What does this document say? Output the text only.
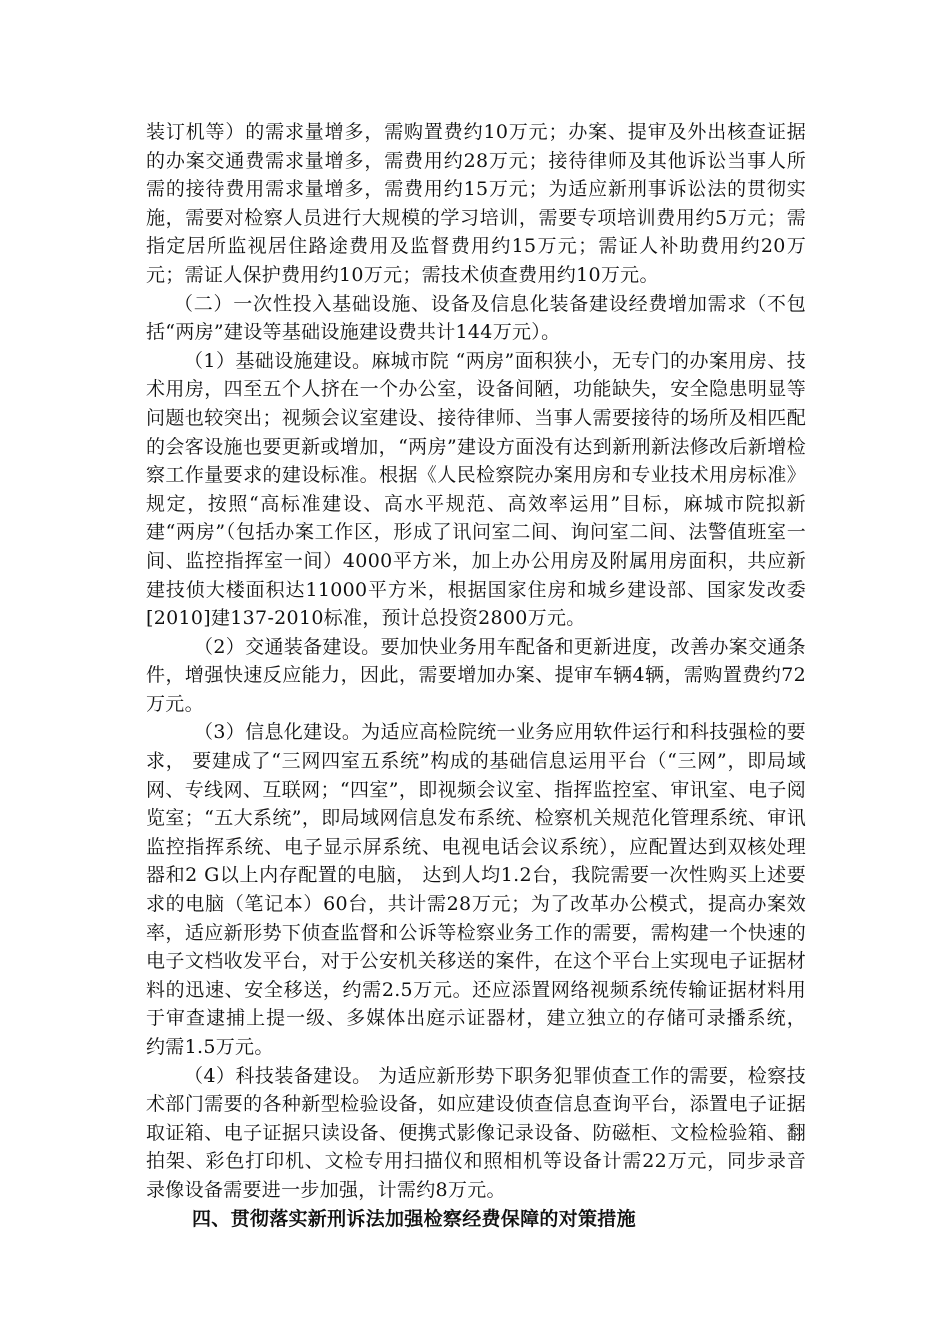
装订机等）的需求量增多，需购置费约10万元；办案、提审及外出核查证据的办案交通费需求量增多，需费用约28万元；接待律师及其他诉讼当事人所需的接待费用需求量增多，需费用约15万元；为适应新刑事诉讼法的贯彻实施，需要对检察人员进行大规模的学习培训，需要专项培训费用约5万元；需指定居所监视居住路途费用及监督费用约15万元；需证人补助费用约20万元；需证人保护费用约10万元；需技术侦查费用约10万元。

（二）一次性投入基础设施、设备及信息化装备建设经费增加需求（不包括“两房”建设等基础设施建设费共计144万元）。

（1）基础设施建设。麻城市院 “两房”面积狭小，无专门的办案用房、技术用房，四至五个人挤在一个办公室，设备间陋，功能缺失，安全隐患明显等问题也较突出；视频会议室建设、接待律师、当事人需要接待的场所及相匹配的会客设施也要更新或增加，“两房”建设方面没有达到新刑新法修改后新增检察工作量要求的建设标准。根据《人民检察院办案用房和专业技术用房标准》规定，按照“高标准建设、高水平规范、高效率运用”目标，麻城市院拟新建“两房”（包括办案工作区，形成了讯问室二间、询问室二间、法警值班室一间、监控指挥室一间）4000平方米，加上办公用房及附属用房面积，共应新建技侦大楼面积达11000平方米，根据国家住房和城乡建设部、国家发改委[2010]建137-2010标准，预计总投资2800万元。

（2）交通装备建设。要加快业务用车配备和更新进度，改善办案交通条件，增强快速反应能力，因此，需要增加办案、提审车辆4辆，需购置费约72万元。

（3）信息化建设。为适应高检院统一业务应用软件运行和科技强检的要求， 要建成了“三网四室五系统”构成的基础信息运用平台（“三网”，即局域网、专线网、互联网；“四室”，即视频会议室、指挥监控室、审讯室、电子阅览室；“五大系统”，即局域网信息发布系统、检察机关规范化管理系统、审讯监控指挥系统、电子显示屏系统、电视电话会议系统），应配置达到双核处理器和2 G以上内存配置的电脑， 达到人均1.2台，我院需要一次性购买上述要求的电脑（笔记本）60台，共计需28万元；为了改革办公模式，提高办案效率，适应新形势下侦查监督和公诉等检察业务工作的需要，需构建一个快速的电子文档收发平台，对于公安机关移送的案件，在这个平台上实现电子证据材料的迅速、安全移送，约需2.5万元。还应添置网络视频系统传输证据材料用于审查逮捕上提一级、多媒体出庭示证器材，建立独立的存储可录播系统， 约需1.5万元。

（4）科技装备建设。 为适应新形势下职务犯罪侦查工作的需要，检察技术部门需要的各种新型检验设备，如应建设侦查信息查询平台，添置电子证据取证箱、电子证据只读设备、便携式影像记录设备、防磁柜、文检检验箱、翻拍架、彩色打印机、文检专用扫描仪和照相机等设备计需22万元，同步录音录像设备需要进一步加强，计需约8万元。

四、贯彻落实新刑诉法加强检察经费保障的对策措施
